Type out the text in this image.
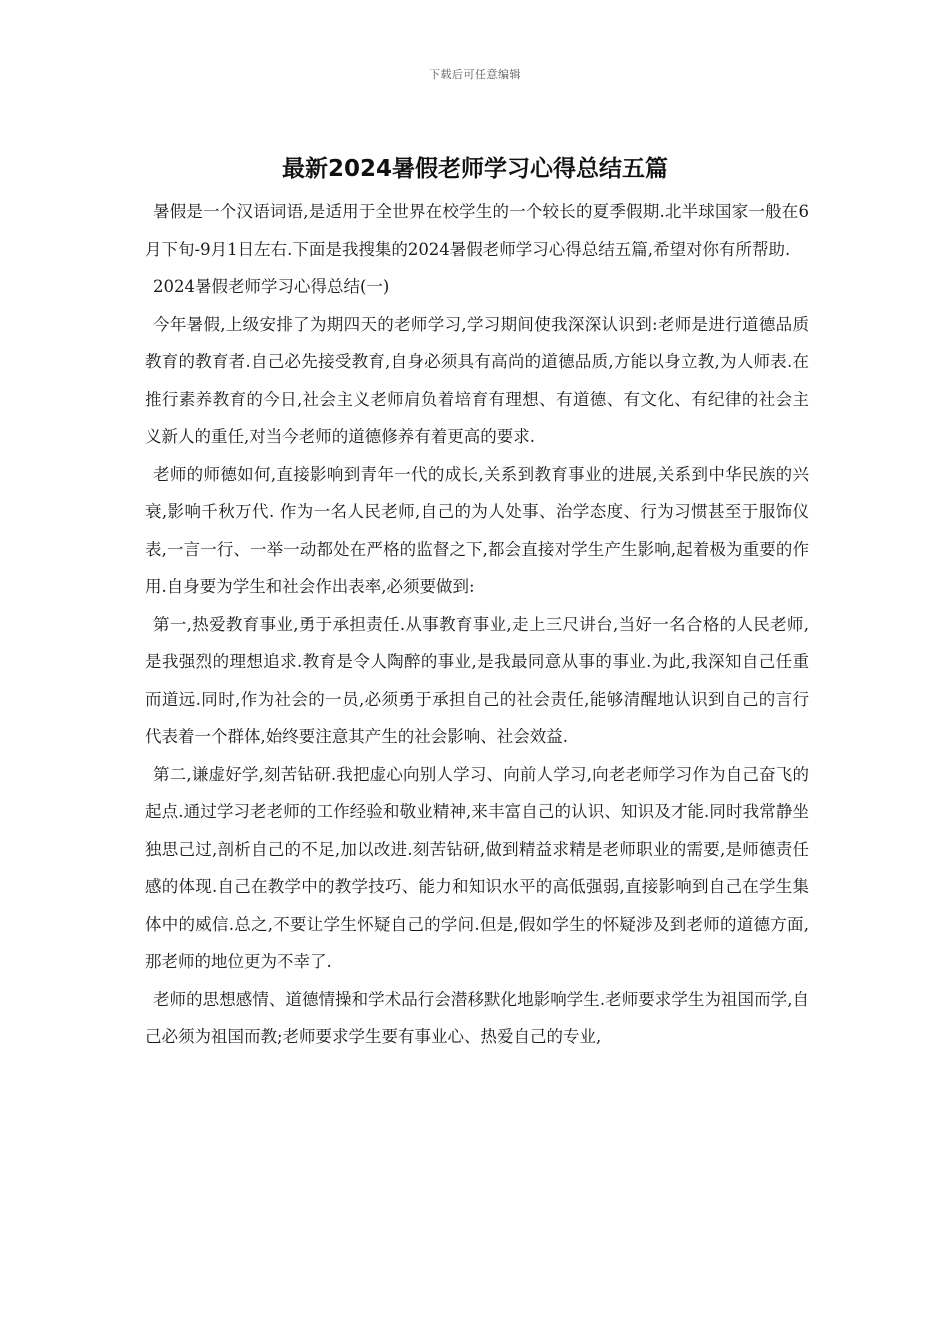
下载后可任意编辑
最新2024暑假老师学习心得总结五篇

暑假是一个汉语词语,是适用于全世界在校学生的一个较长的夏季假期.北半球国家一般在6月下旬-9月1日左右.下面是我搜集的2024暑假老师学习心得总结五篇,希望对你有所帮助.

2024暑假老师学习心得总结(一)

今年暑假,上级安排了为期四天的老师学习,学习期间使我深深认识到:老师是进行道德品质教育的教育者.自己必先接受教育,自身必须具有高尚的道德品质,方能以身立教,为人师表.在推行素养教育的今日,社会主义老师肩负着培育有理想、有道德、有文化、有纪律的社会主义新人的重任,对当今老师的道德修养有着更高的要求.

老师的师德如何,直接影响到青年一代的成长,关系到教育事业的进展,关系到中华民族的兴衰,影响千秋万代. 作为一名人民老师,自己的为人处事、治学态度、行为习惯甚至于服饰仪表,一言一行、一举一动都处在严格的监督之下,都会直接对学生产生影响,起着极为重要的作用.自身要为学生和社会作出表率,必须要做到:

第一,热爱教育事业,勇于承担责任.从事教育事业,走上三尺讲台,当好一名合格的人民老师,是我强烈的理想追求.教育是令人陶醉的事业,是我最同意从事的事业.为此,我深知自己任重而道远.同时,作为社会的一员,必须勇于承担自己的社会责任,能够清醒地认识到自己的言行代表着一个群体,始终要注意其产生的社会影响、社会效益.

第二,谦虚好学,刻苦钻研.我把虚心向别人学习、向前人学习,向老老师学习作为自己奋飞的起点.通过学习老老师的工作经验和敬业精神,来丰富自己的认识、知识及才能.同时我常静坐独思己过,剖析自己的不足,加以改进.刻苦钻研,做到精益求精是老师职业的需要,是师德责任感的体现.自己在教学中的教学技巧、能力和知识水平的高低强弱,直接影响到自己在学生集体中的威信.总之,不要让学生怀疑自己的学问.但是,假如学生的怀疑涉及到老师的道德方面,那老师的地位更为不幸了.

老师的思想感情、道德情操和学术品行会潜移默化地影响学生.老师要求学生为祖国而学,自己必须为祖国而教;老师要求学生要有事业心、热爱自己的专业,
